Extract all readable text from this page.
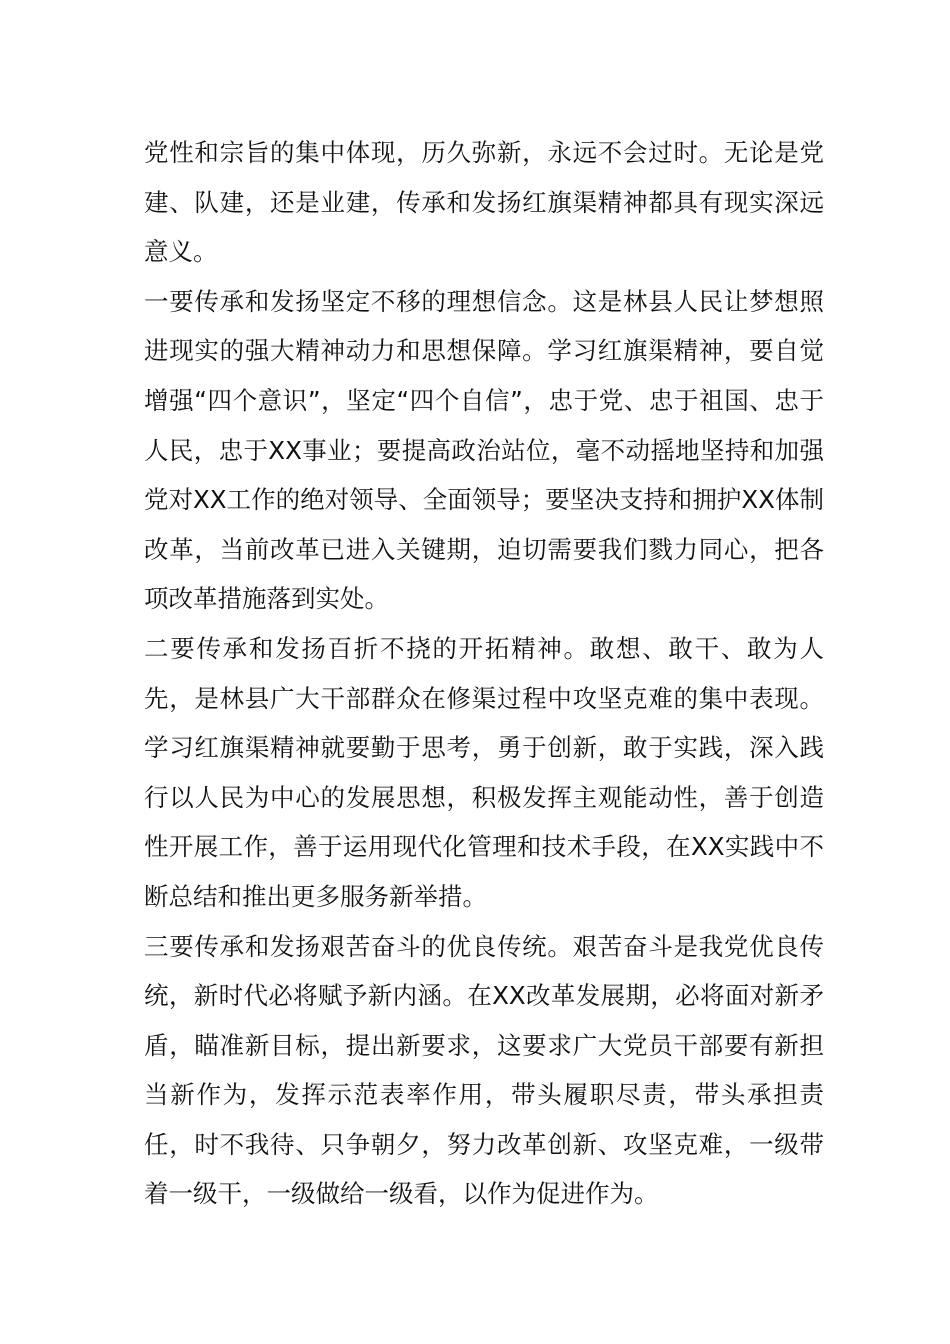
党性和宗旨的集中体现，历久弥新，永远不会过时。无论是党建、队建，还是业建，传承和发扬红旗渠精神都具有现实深远意义。

一要传承和发扬坚定不移的理想信念。这是林县人民让梦想照进现实的强大精神动力和思想保障。学习红旗渠精神，要自觉增强“四个意识”，坚定“四个自信”，忠于党、忠于祖国、忠于人民，忠于XX事业；要提高政治站位，毫不动摇地坚持和加强党对XX工作的绝对领导、全面领导；要坚决支持和拥护XX体制改革，当前改革已进入关键期，迫切需要我们戮力同心，把各项改革措施落到实处。

二要传承和发扬百折不挠的开拓精神。敢想、敢干、敢为人先，是林县广大干部群众在修渠过程中攻坚克难的集中表现。学习红旗渠精神就要勤于思考，勇于创新，敢于实践，深入践行以人民为中心的发展思想，积极发挥主观能动性，善于创造性开展工作，善于运用现代化管理和技术手段，在XX实践中不断总结和推出更多服务新举措。

三要传承和发扬艰苦奋斗的优良传统。艰苦奋斗是我党优良传统，新时代必将赋予新内涵。在XX改革发展期，必将面对新矛盾，瞄准新目标，提出新要求，这要求广大党员干部要有新担当新作为，发挥示范表率作用，带头履职尽责，带头承担责任，时不我待、只争朝夕，努力改革创新、攻坚克难，一级带着一级干，一级做给一级看，以作为促进作为。
